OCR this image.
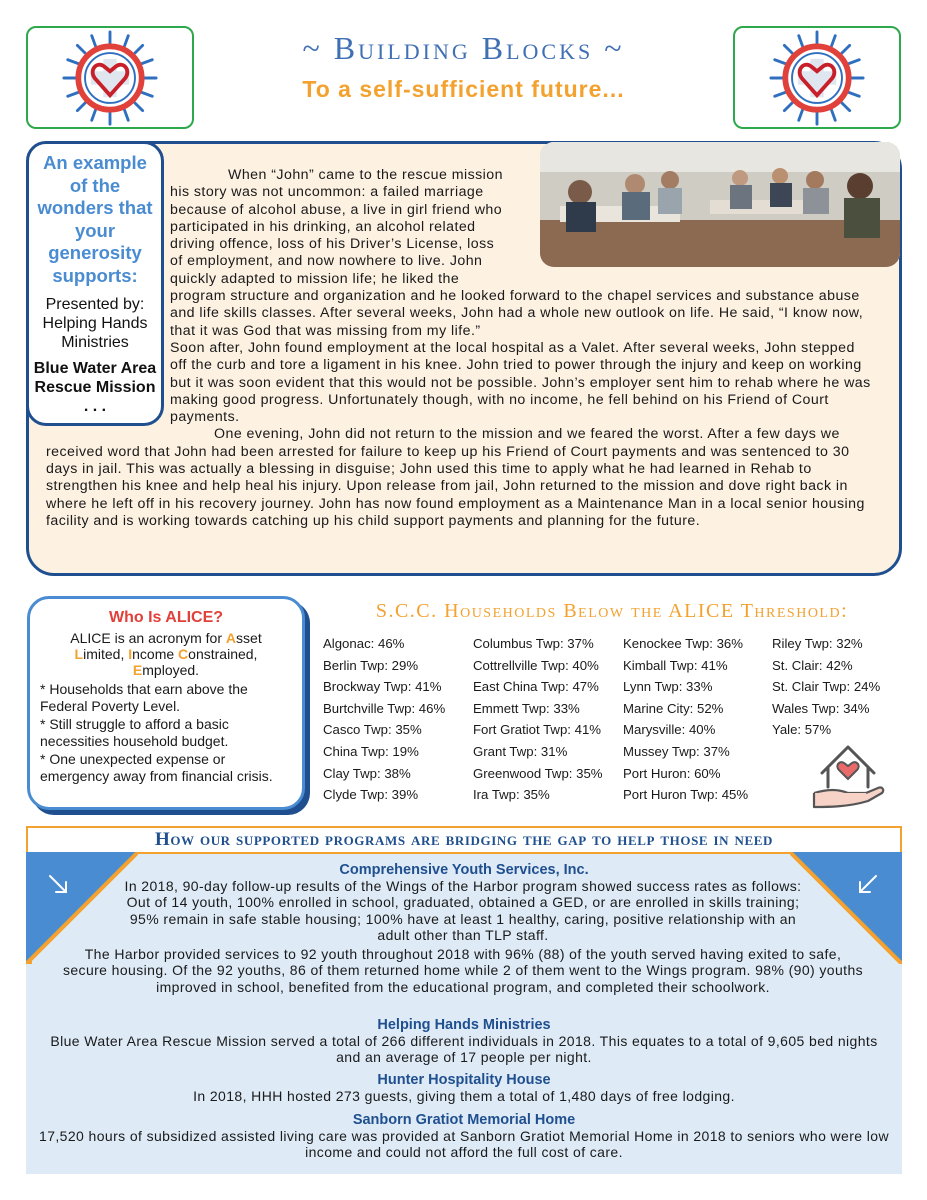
~ Building Blocks ~
To a self-sufficient future...
An example of the wonders that your generosity supports:
Presented by: Helping Hands Ministries
Blue Water Area Rescue Mission . . .

When “John” came to the rescue mission his story was not uncommon: a failed marriage because of alcohol abuse, a live in girl friend who participated in his drinking, an alcohol related driving offence, loss of his Driver’s License, loss of employment, and now nowhere to live. John quickly adapted to mission life; he liked the program structure and organization and he looked forward to the chapel services and substance abuse and life skills classes. After several weeks, John had a whole new outlook on life. He said, “I know now, that it was God that was missing from my life.”

Soon after, John found employment at the local hospital as a Valet. After several weeks, John stepped off the curb and tore a ligament in his knee. John tried to power through the injury and keep on working but it was soon evident that this would not be possible. John’s employer sent him to rehab where he was making good progress. Unfortunately though, with no income, he fell behind on his Friend of Court payments.

One evening, John did not return to the mission and we feared the worst. After a few days we received word that John had been arrested for failure to keep up his Friend of Court payments and was sentenced to 30 days in jail. This was actually a blessing in disguise; John used this time to apply what he had learned in Rehab to strengthen his knee and help heal his injury. Upon release from jail, John returned to the mission and dove right back in where he left off in his recovery journey. John has now found employment as a Maintenance Man in a local senior housing facility and is working towards catching up his child support payments and planning for the future.

Who Is ALICE?
ALICE is an acronym for Asset
Limited, Income Constrained,
Employed.
* Households that earn above the Federal Poverty Level.
* Still struggle to afford a basic necessities household budget.
* One unexpected expense or emergency away from financial crisis.
S.C.C. Households Below the ALICE Threshold:
Algonac: 46%
Berlin Twp: 29%
Brockway Twp: 41%
Burtchville Twp: 46%
Casco Twp: 35%
China Twp: 19%
Clay Twp: 38%
Clyde Twp: 39%
Columbus Twp: 37%
Cottrellville Twp: 40%
East China Twp: 47%
Emmett Twp: 33%
Fort Gratiot Twp: 41%
Grant Twp: 31%
Greenwood Twp: 35%
Ira Twp: 35%
Kenockee Twp: 36%
Kimball Twp: 41%
Lynn Twp: 33%
Marine City: 52%
Marysville: 40%
Mussey Twp: 37%
Port Huron: 60%
Port Huron Twp: 45%
Riley Twp: 32%
St. Clair: 42%
St. Clair Twp: 24%
Wales Twp: 34%
Yale: 57%
How our supported programs are bridging the gap to help those in need
Comprehensive Youth Services, Inc.
In 2018, 90-day follow-up results of the Wings of the Harbor program showed success rates as follows: Out of 14 youth, 100% enrolled in school, graduated, obtained a GED, or are enrolled in skills training; 95% remain in safe stable housing; 100% have at least 1 healthy, caring, positive relationship with an adult other than TLP staff.
The Harbor provided services to 92 youth throughout 2018 with 96% (88) of the youth served having exited to safe, secure housing. Of the 92 youths, 86 of them returned home while 2 of them went to the Wings program. 98% (90) youths improved in school, benefited from the educational program, and completed their schoolwork.
Helping Hands Ministries
Blue Water Area Rescue Mission served a total of 266 different individuals in 2018. This equates to a total of 9,605 bed nights and an average of 17 people per night.
Hunter Hospitality House
In 2018, HHH hosted 273 guests, giving them a total of 1,480 days of free lodging.
Sanborn Gratiot Memorial Home
17,520 hours of subsidized assisted living care was provided at Sanborn Gratiot Memorial Home in 2018 to seniors who were low income and could not afford the full cost of care.
